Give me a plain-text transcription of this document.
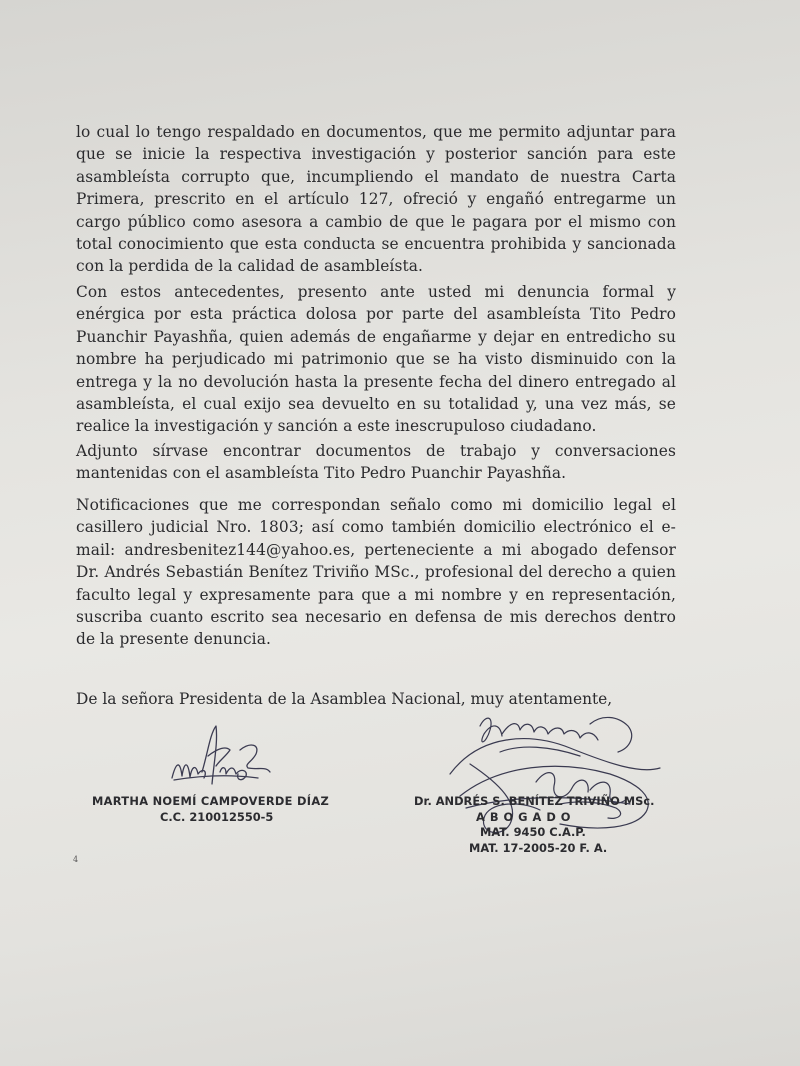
lo cual lo tengo respaldado en documentos, que me permito adjuntar para que se inicie la respectiva investigación y posterior sanción para este asambleísta corrupto que, incumpliendo el mandato de nuestra Carta Primera, prescrito en el artículo 127, ofreció y engañó entregarme un cargo público como asesora a cambio de que le pagara por el mismo con total conocimiento que esta conducta se encuentra prohibida y sancionada con la perdida de la calidad de asambleísta.

Con estos antecedentes, presento ante usted mi denuncia formal y enérgica por esta práctica dolosa por parte del asambleísta Tito Pedro Puanchir Payashña, quien además de engañarme y dejar en entredicho su nombre ha perjudicado mi patrimonio que se ha visto disminuido con la entrega y la no devolución hasta la presente fecha del dinero entregado al asambleísta, el cual exijo sea devuelto en su totalidad y, una vez más, se realice la investigación y sanción a este inescrupuloso ciudadano.

Adjunto sírvase encontrar documentos de trabajo y conversaciones mantenidas con el asambleísta Tito Pedro Puanchir Payashña.

Notificaciones que me correspondan señalo como mi domicilio legal el casillero judicial Nro. 1803; así como también domicilio electrónico el e-mail: andresbenitez144@yahoo.es, perteneciente a mi abogado defensor Dr. Andrés Sebastián Benítez Triviño MSc., profesional del derecho a quien faculto legal y expresamente para que a mi nombre y en representación, suscriba cuanto escrito sea necesario en defensa de mis derechos dentro de la presente denuncia.

De la señora Presidenta de la Asamblea Nacional, muy atentamente,

MARTHA NOEMÍ CAMPOVERDE DÍAZ
C.C. 210012550-5
Dr. ANDRÉS S. BENÍTEZ TRIVIÑO MSc.
ABOGADO
MAT. 9450 C.A.P.
MAT. 17-2005-20 F. A.
4
